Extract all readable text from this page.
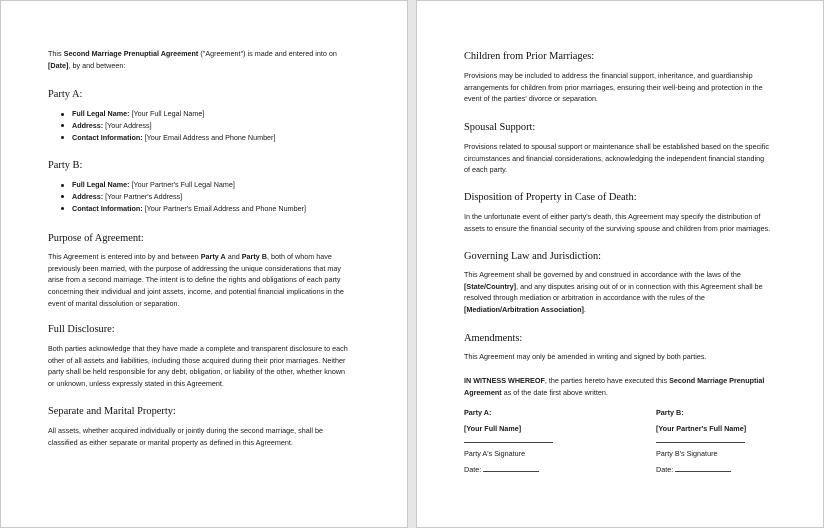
This Second Marriage Prenuptial Agreement ("Agreement") is made and entered into on

[Date], by and between:

Party A:
Full Legal Name: [Your Full Legal Name]
Address: [Your Address]
Contact Information: [Your Email Address and Phone Number]
Party B:
Full Legal Name: [Your Partner's Full Legal Name]
Address: [Your Partner's Address]
Contact Information: [Your Partner's Email Address and Phone Number]
Purpose of Agreement:

This Agreement is entered into by and between Party A and Party B, both of whom have

previously been married, with the purpose of addressing the unique considerations that may

arise from a second marriage. The intent is to define the rights and obligations of each party

concerning their individual and joint assets, income, and potential financial implications in the

event of marital dissolution or separation.

Full Disclosure:

Both parties acknowledge that they have made a complete and transparent disclosure to each

other of all assets and liabilities, including those acquired during their prior marriages. Neither

party shall be held responsible for any debt, obligation, or liability of the other, whether known

or unknown, unless expressly stated in this Agreement.

Separate and Marital Property:

All assets, whether acquired individually or jointly during the second marriage, shall be

classified as either separate or marital property as defined in this Agreement.

Children from Prior Marriages:

Provisions may be included to address the financial support, inheritance, and guardianship

arrangements for children from prior marriages, ensuring their well-being and protection in the

event of the parties' divorce or separation.

Spousal Support:

Provisions related to spousal support or maintenance shall be established based on the specific

circumstances and financial considerations, acknowledging the independent financial standing

of each party.

Disposition of Property in Case of Death:

In the unfortunate event of either party's death, this Agreement may specify the distribution of

assets to ensure the financial security of the surviving spouse and children from prior marriages.

Governing Law and Jurisdiction:

This Agreement shall be governed by and construed in accordance with the laws of the

[State/Country], and any disputes arising out of or in connection with this Agreement shall be

resolved through mediation or arbitration in accordance with the rules of the

[Mediation/Arbitration Association].

Amendments:

This Agreement may only be amended in writing and signed by both parties.

IN WITNESS WHEREOF, the parties hereto have executed this Second Marriage Prenuptial

Agreement as of the date first above written.

Party A:

[Your Full Name]

Party A's Signature

Date:

Party B:

[Your Partner's Full Name]

Party B's Signature

Date:
